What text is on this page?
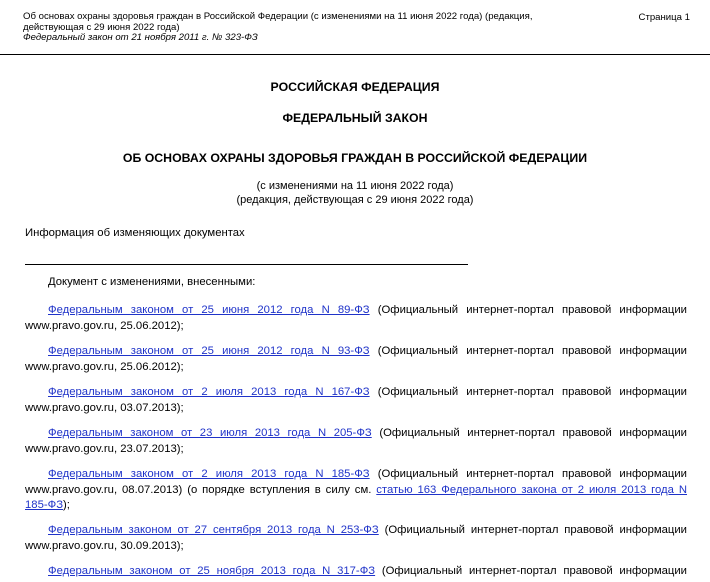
Об основах охраны здоровья граждан в Российской Федерации (с изменениями на 11 июня 2022 года) (редакция, действующая с 29 июня 2022 года)
Федеральный закон от 21 ноября 2011 г. № 323-ФЗ
Страница 1
РОССИЙСКАЯ ФЕДЕРАЦИЯ
ФЕДЕРАЛЬНЫЙ ЗАКОН
ОБ ОСНОВАХ ОХРАНЫ ЗДОРОВЬЯ ГРАЖДАН В РОССИЙСКОЙ ФЕДЕРАЦИИ
(с изменениями на 11 июня 2022 года)
(редакция, действующая с 29 июня 2022 года)
Информация об изменяющих документах
Документ с изменениями, внесенными:
Федеральным законом от 25 июня 2012 года N 89-ФЗ (Официальный интернет-портал правовой информации
www.pravo.gov.ru, 25.06.2012);
Федеральным законом от 25 июня 2012 года N 93-ФЗ (Официальный интернет-портал правовой информации
www.pravo.gov.ru, 25.06.2012);
Федеральным законом от 2 июля 2013 года N 167-ФЗ (Официальный интернет-портал правовой информации
www.pravo.gov.ru, 03.07.2013);
Федеральным законом от 23 июля 2013 года N 205-ФЗ (Официальный интернет-портал правовой информации
www.pravo.gov.ru, 23.07.2013);
Федеральным законом от 2 июля 2013 года N 185-ФЗ (Официальный интернет-портал правовой информации
www.pravo.gov.ru, 08.07.2013) (о порядке вступления в силу см. статью 163 Федерального закона от 2 июля 2013 года N
185-ФЗ);
Федеральным законом от 27 сентября 2013 года N 253-ФЗ (Официальный интернет-портал правовой информации
www.pravo.gov.ru, 30.09.2013);
Федеральным законом от 25 ноября 2013 года N 317-ФЗ (Официальный интернет-портал правовой информации
